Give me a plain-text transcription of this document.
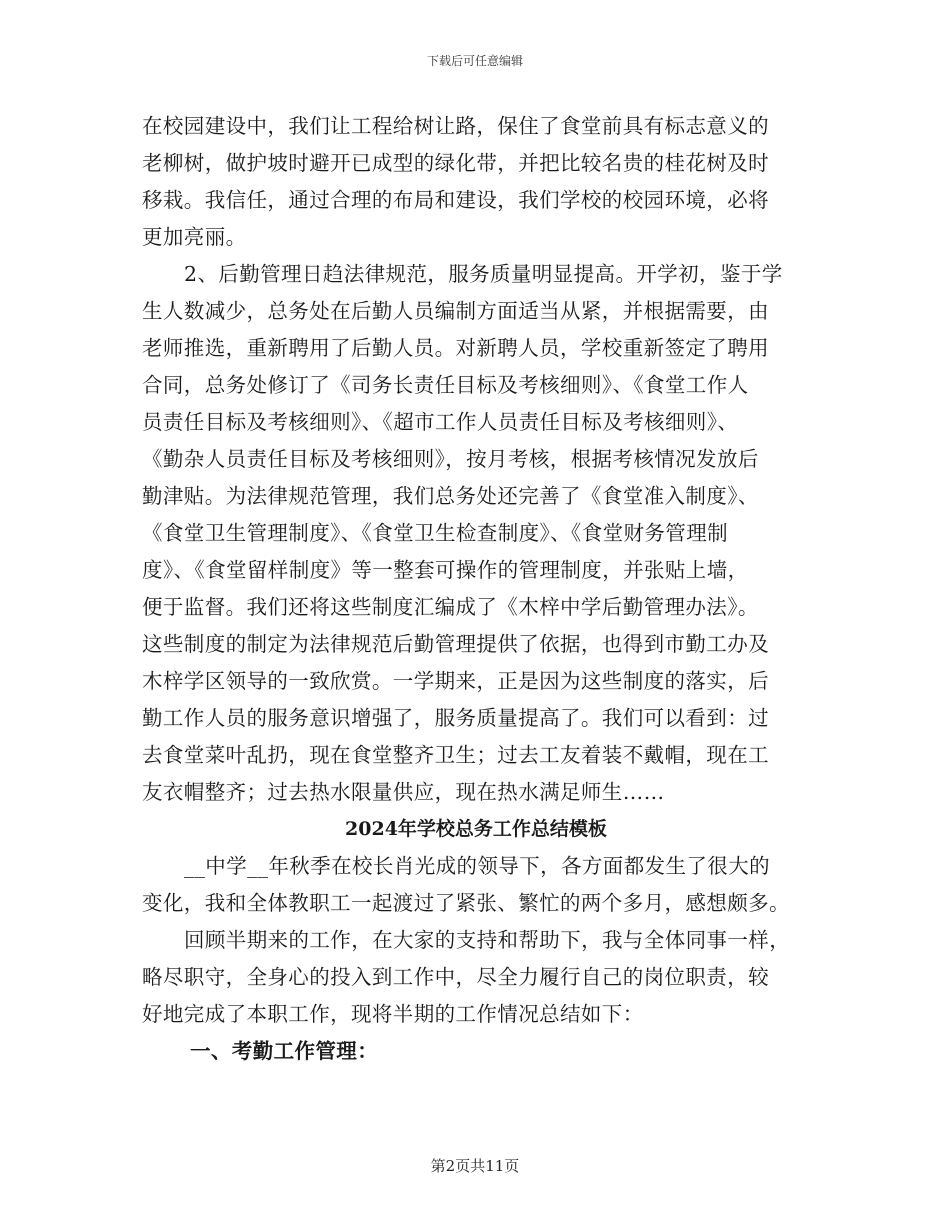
下载后可任意编辑
在校园建设中，我们让工程给树让路，保住了食堂前具有标志意义的
老柳树，做护坡时避开已成型的绿化带，并把比较名贵的桂花树及时
移栽。我信任，通过合理的布局和建设，我们学校的校园环境，必将
更加亮丽。
2、后勤管理日趋法律规范，服务质量明显提高。开学初，鉴于学
生人数减少，总务处在后勤人员编制方面适当从紧，并根据需要，由
老师推选，重新聘用了后勤人员。对新聘人员，学校重新签定了聘用
合同，总务处修订了《司务长责任目标及考核细则》、《食堂工作人
员责任目标及考核细则》、《超市工作人员责任目标及考核细则》、
《勤杂人员责任目标及考核细则》，按月考核，根据考核情况发放后
勤津贴。为法律规范管理，我们总务处还完善了《食堂准入制度》、
《食堂卫生管理制度》、《食堂卫生检查制度》、《食堂财务管理制
度》、《食堂留样制度》等一整套可操作的管理制度，并张贴上墙，
便于监督。我们还将这些制度汇编成了《木梓中学后勤管理办法》。
这些制度的制定为法律规范后勤管理提供了依据，也得到市勤工办及
木梓学区领导的一致欣赏。一学期来，正是因为这些制度的落实，后
勤工作人员的服务意识增强了，服务质量提高了。我们可以看到：过
去食堂菜叶乱扔，现在食堂整齐卫生；过去工友着装不戴帽，现在工
友衣帽整齐；过去热水限量供应，现在热水满足师生……
2024年学校总务工作总结模板
__中学__年秋季在校长肖光成的领导下，各方面都发生了很大的
变化，我和全体教职工一起渡过了紧张、繁忙的两个多月，感想颇多。
回顾半期来的工作，在大家的支持和帮助下，我与全体同事一样，
略尽职守，全身心的投入到工作中，尽全力履行自己的岗位职责，较
好地完成了本职工作，现将半期的工作情况总结如下：
一、考勤工作管理：
第2页共11页
